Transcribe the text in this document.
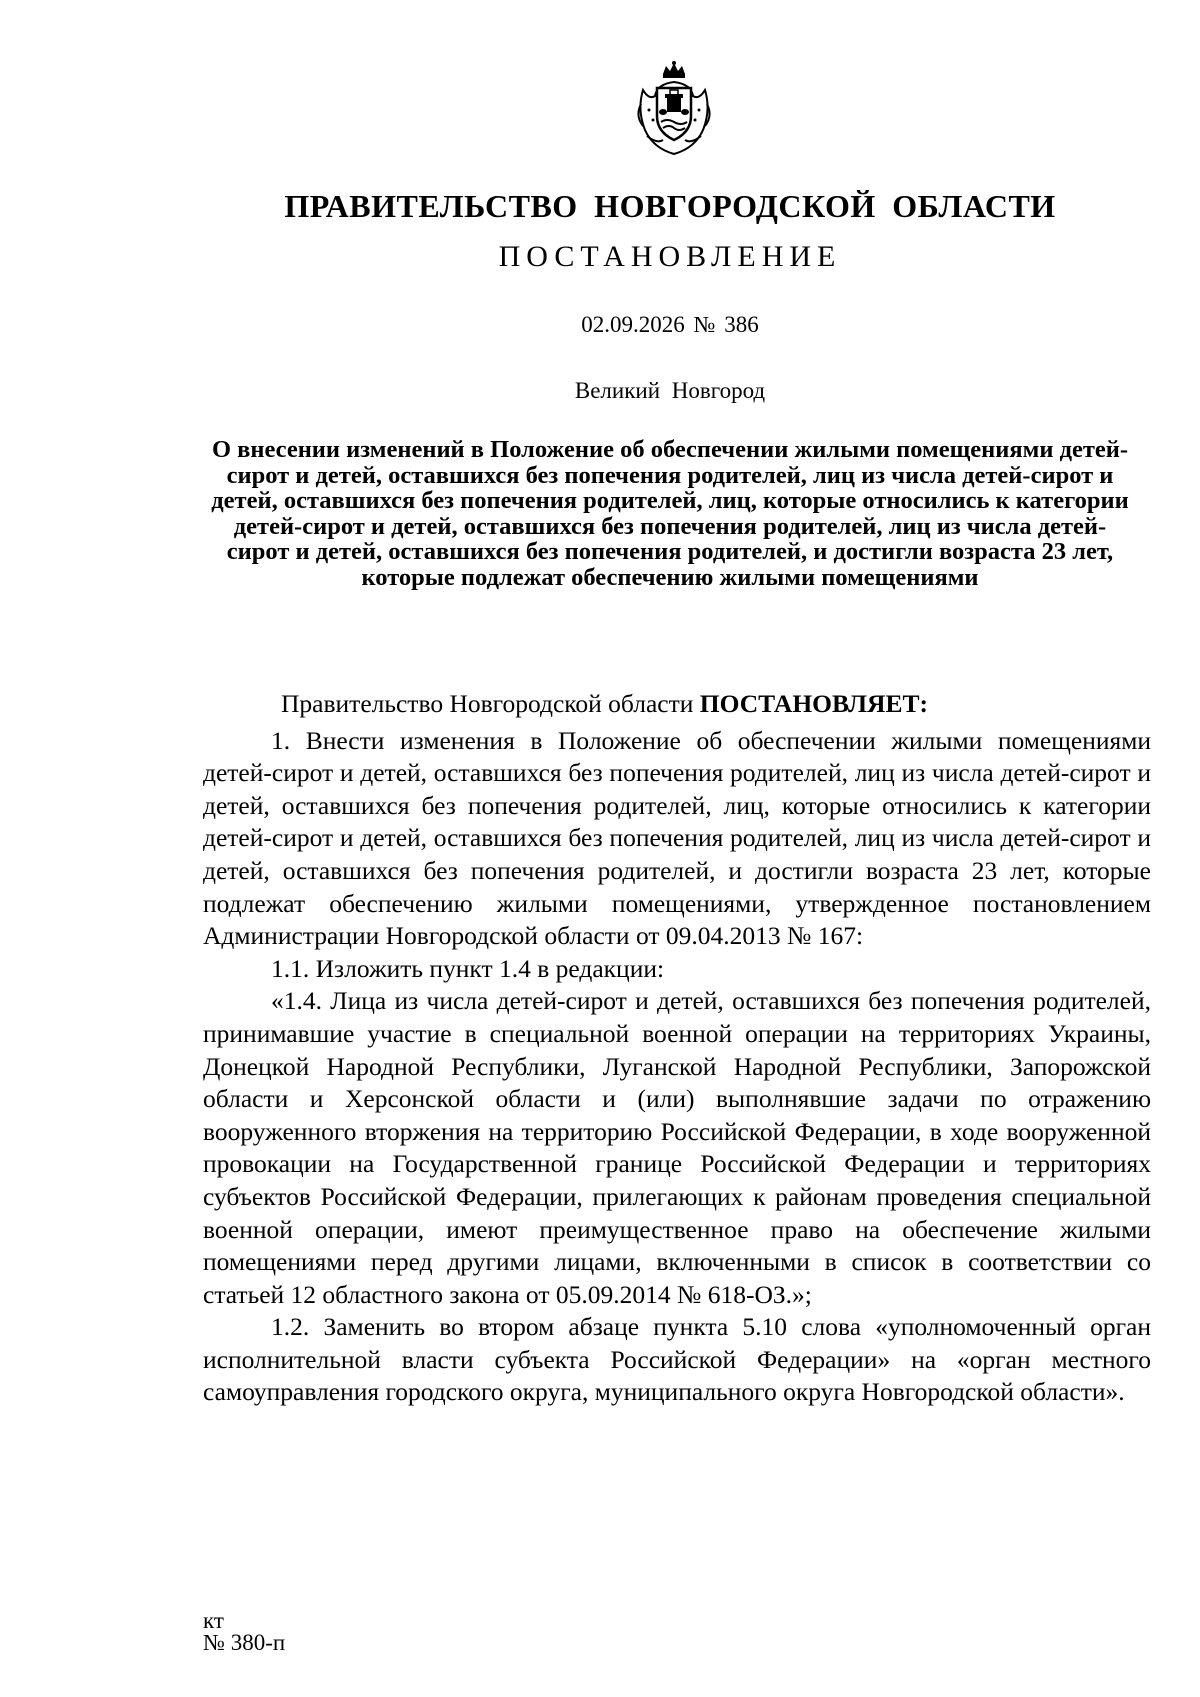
ПРАВИТЕЛЬСТВО НОВГОРОДСКОЙ ОБЛАСТИ
ПОСТАНОВЛЕНИЕ
02.09.2026 № 386
Великий Новгород
О внесении изменений в Положение об обеспечении жилыми помещениями детей-сирот и детей, оставшихся без попечения родителей, лиц из числа детей-сирот и детей, оставшихся без попечения родителей, лиц, которые относились к категории детей-сирот и детей, оставшихся без попечения родителей, лиц из числа детей-сирот и детей, оставшихся без попечения родителей, и достигли возраста 23 лет, которые подлежат обеспечению жилыми помещениями

Правительство Новгородской области ПОСТАНОВЛЯЕТ:

1. Внести изменения в Положение об обеспечении жилыми помещениями детей-сирот и детей, оставшихся без попечения родителей, лиц из числа детей-сирот и детей, оставшихся без попечения родителей, лиц, которые относились к категории детей-сирот и детей, оставшихся без попечения родителей, лиц из числа детей-сирот и детей, оставшихся без попечения родителей, и достигли возраста 23 лет, которые подлежат обеспечению жилыми помещениями, утвержденное постановлением Администрации Новгородской области от 09.04.2013 № 167:

1.1. Изложить пункт 1.4 в редакции:

«1.4. Лица из числа детей-сирот и детей, оставшихся без попечения родителей, принимавшие участие в специальной военной операции на территориях Украины, Донецкой Народной Республики, Луганской Народной Республики, Запорожской области и Херсонской области и (или) выполнявшие задачи по отражению вооруженного вторжения на территорию Российской Федерации, в ходе вооруженной провокации на Государственной границе Российской Федерации и территориях субъектов Российской Федерации, прилегающих к районам проведения специальной военной операции, имеют преимущественное право на обеспечение жилыми помещениями перед другими лицами, включенными в список в соответствии со статьей 12 областного закона от 05.09.2014 № 618-ОЗ.»;

1.2. Заменить во втором абзаце пункта 5.10 слова «уполномоченный орган исполнительной власти субъекта Российской Федерации» на «орган местного самоуправления городского округа, муниципального округа Новгородской области».

кт
№ 380-п
